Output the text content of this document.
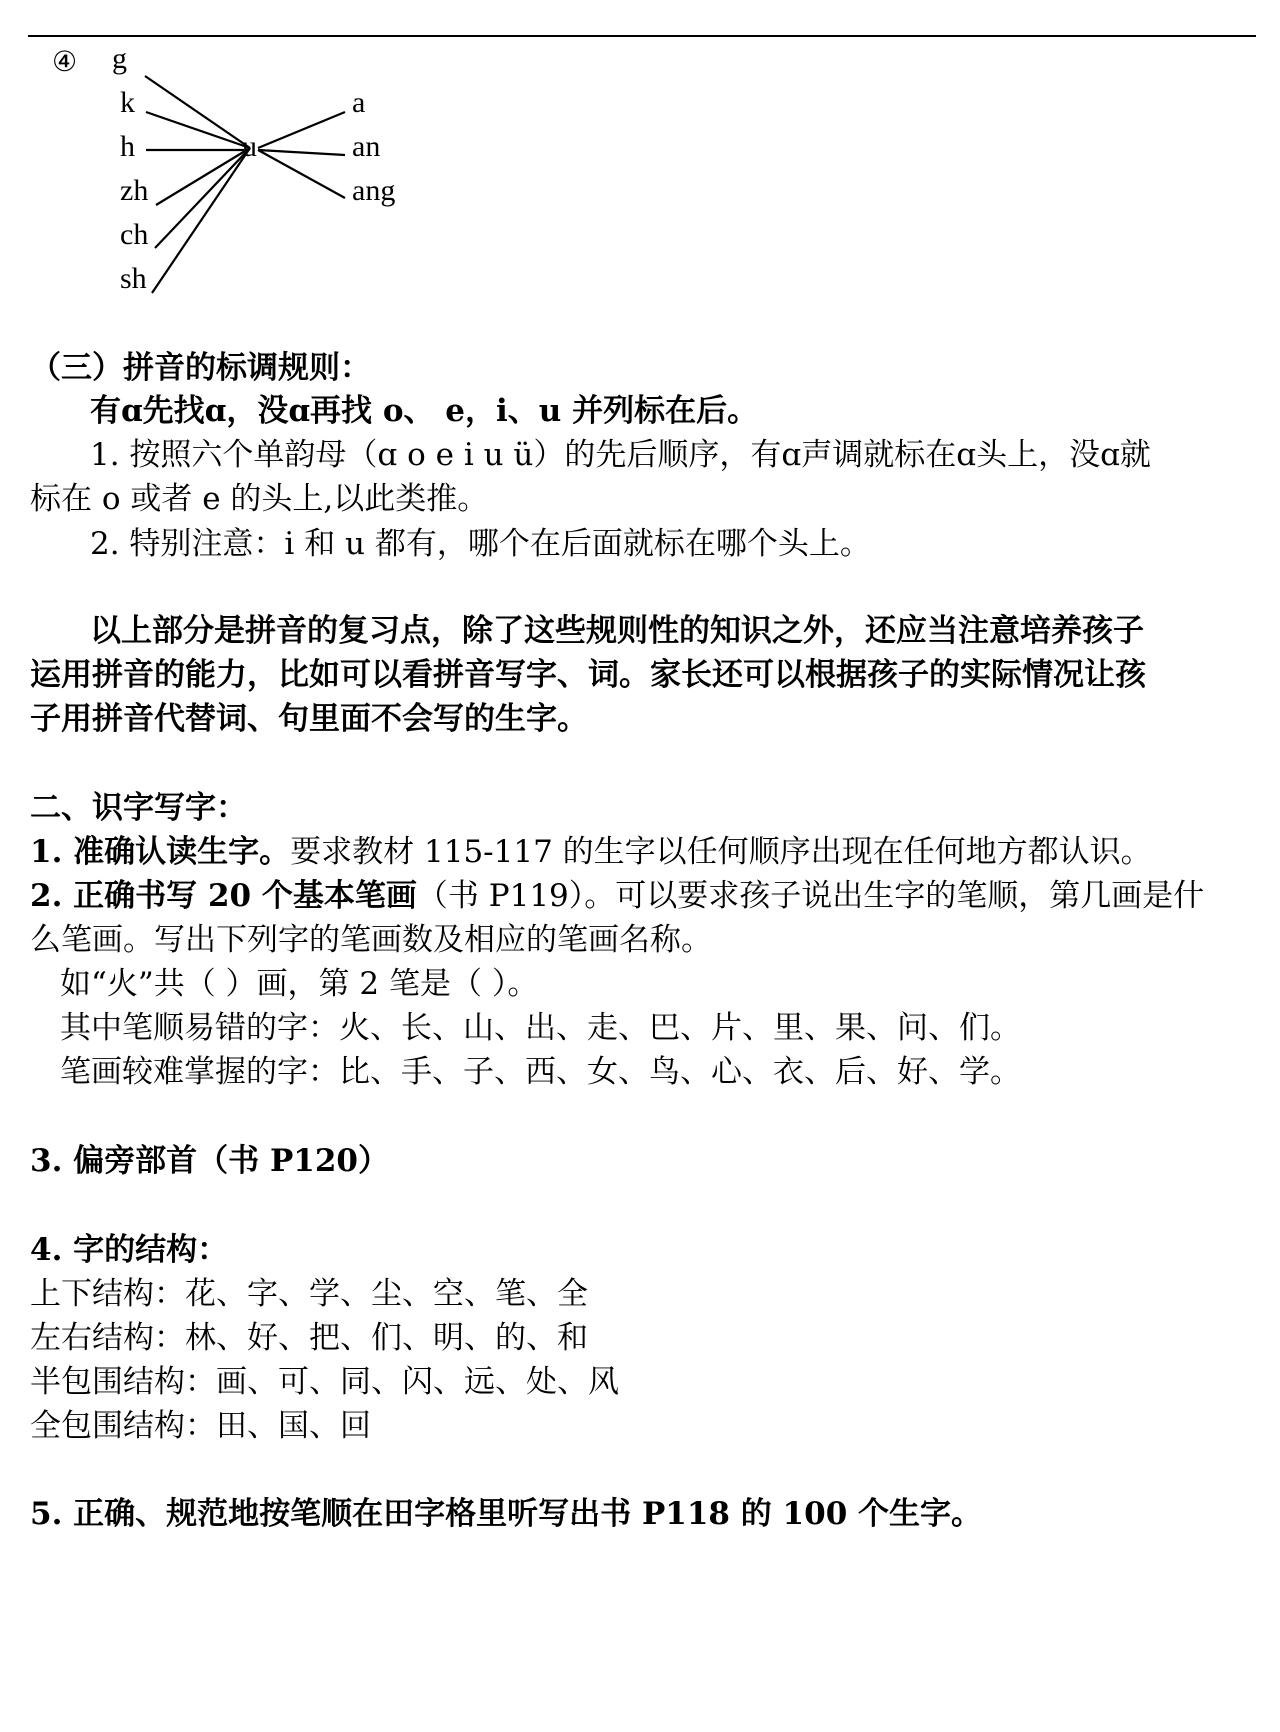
④ g
k
h
zh
ch
sh
u
a
an
ang
（三）拼音的标调规则：
有ɑ先找ɑ，没ɑ再找 o、 e，i、u 并列标在后。
1. 按照六个单韵母（ɑ o e i u ü）的先后顺序，有ɑ声调就标在ɑ头上，没ɑ就
标在 o 或者 e 的头上,以此类推。
2. 特别注意：i 和 u 都有，哪个在后面就标在哪个头上。
以上部分是拼音的复习点，除了这些规则性的知识之外，还应当注意培养孩子
运用拼音的能力，比如可以看拼音写字、词。家长还可以根据孩子的实际情况让孩
子用拼音代替词、句里面不会写的生字。
二、识字写字：
1. 准确认读生字。要求教材 115-117 的生字以任何顺序出现在任何地方都认识。
2. 正确书写 20 个基本笔画（书 P119）。可以要求孩子说出生字的笔顺，第几画是什
么笔画。写出下列字的笔画数及相应的笔画名称。
如“火”共（ ）画，第 2 笔是（ ）。
其中笔顺易错的字：火、长、山、出、走、巴、片、里、果、问、们。
笔画较难掌握的字：比、手、子、西、女、鸟、心、衣、后、好、学。
3. 偏旁部首（书 P120）
4. 字的结构：
上下结构：花、字、学、尘、空、笔、全
左右结构：林、好、把、们、明、的、和
半包围结构：画、可、同、闪、远、处、风
全包围结构：田、国、回
5. 正确、规范地按笔顺在田字格里听写出书 P118 的 100 个生字。
